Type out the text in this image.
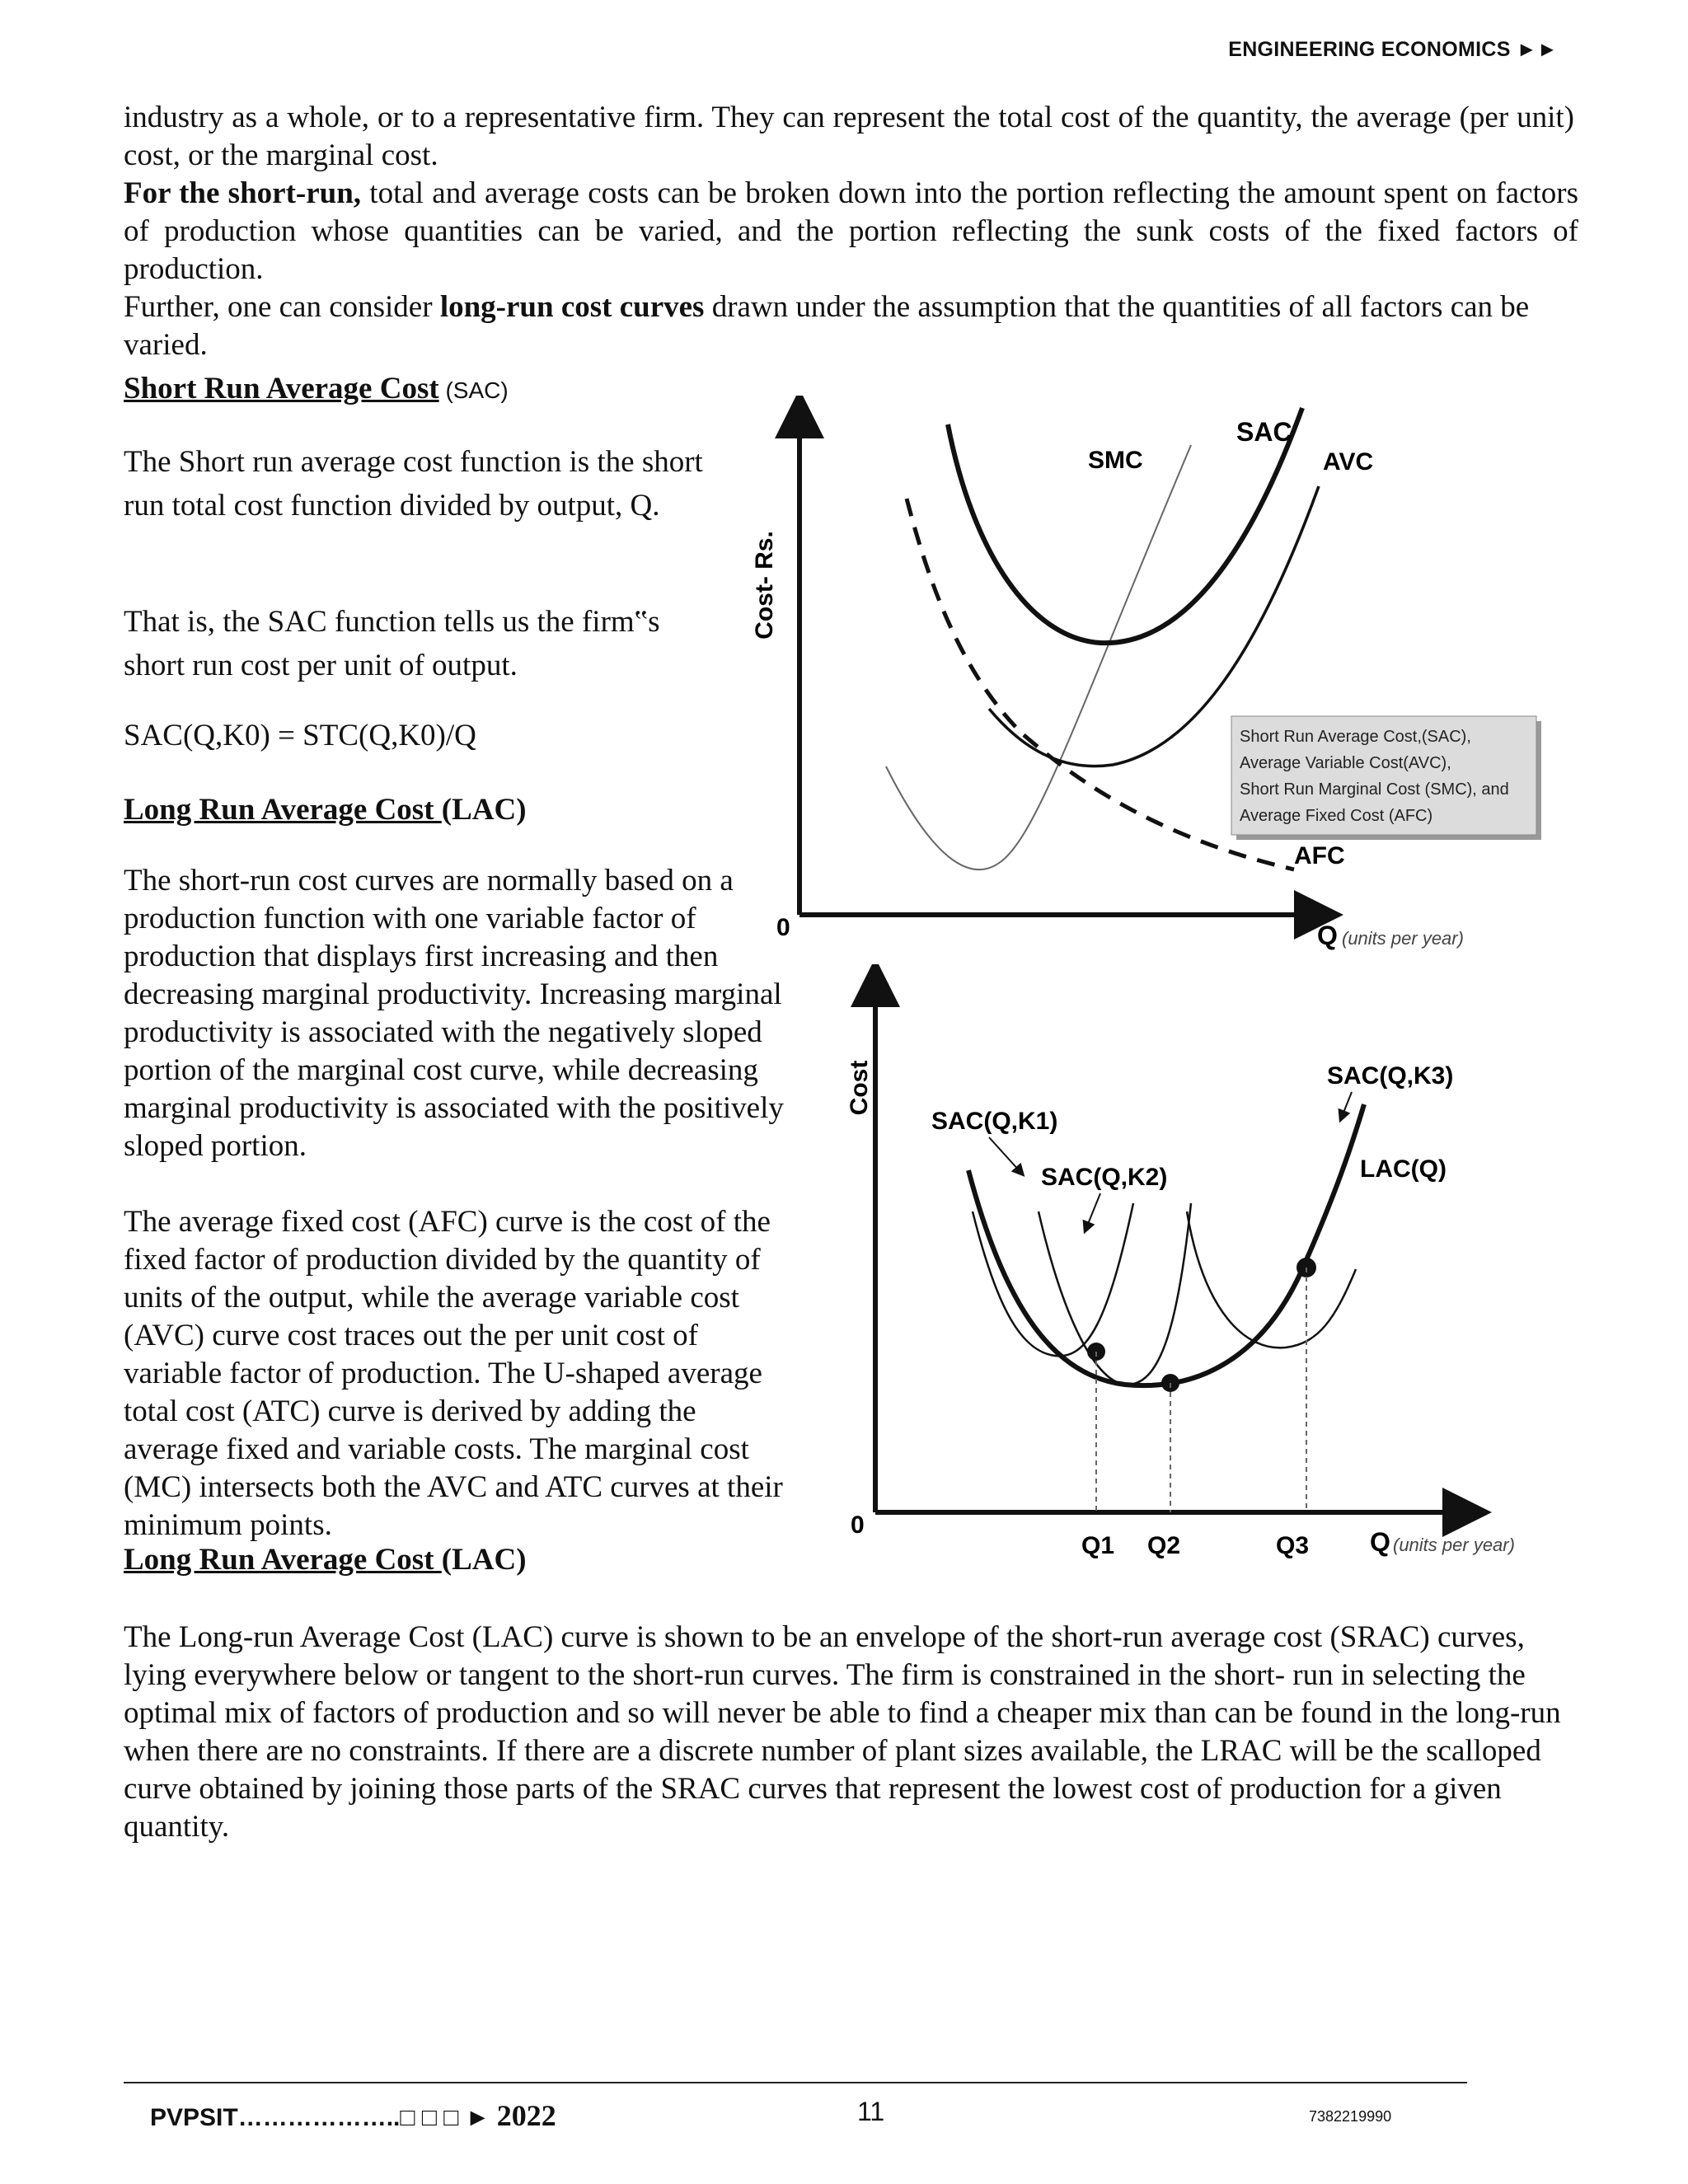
ENGINEERING ECONOMICS ►►
industry as a whole, or to a representative firm. They can represent the total cost of the quantity, the average (per unit) cost, or the marginal cost.
For the short-run, total and average costs can be broken down into the portion reflecting the amount spent on factors of production whose quantities can be varied, and the portion reflecting the sunk costs of the fixed factors of production.
Further, one can consider long-run cost curves drawn under the assumption that the quantities of all factors can be varied.
Short Run Average Cost (SAC)
The Short run average cost function is the short run total cost function divided by output, Q.
That is, the SAC function tells us the firm‟s short run cost per unit of output.
SAC(Q,K0) = STC(Q,K0)/Q
Long Run Average Cost (LAC)
The short-run cost curves are normally based on a production function with one variable factor of production that displays first increasing and then decreasing marginal productivity. Increasing marginal productivity is associated with the negatively sloped portion of the marginal cost curve, while decreasing marginal productivity is associated with the positively sloped portion.
The average fixed cost (AFC) curve is the cost of the fixed factor of production divided by the quantity of units of the output, while the average variable cost (AVC) curve cost traces out the per unit cost of variable factor of production. The U-shaped average total cost (ATC) curve is derived by adding the average fixed and variable costs. The marginal cost (MC) intersects both the AVC and ATC curves at their minimum points.
Long Run Average Cost (LAC)
The Long-run Average Cost (LAC) curve is shown to be an envelope of the short-run average cost (SRAC) curves, lying everywhere below or tangent to the short-run curves. The firm is constrained in the short- run in selecting the optimal mix of factors of production and so will never be able to find a cheaper mix than can be found in the long-run when there are no constraints. If there are a discrete number of plant sizes available, the LRAC will be the scalloped curve obtained by joining those parts of the SRAC curves that represent the lowest cost of production for a given quantity.
Cost- Rs.
0	Q (units per year)
SMC
SAC
AVC
AFC
Short Run Average Cost,(SAC),
Average Variable Cost(AVC),
Short Run Marginal Cost (SMC), and
Average Fixed Cost (AFC)
Cost
0
Q1 Q2	Q3 Q (units per year)
SAC(Q,K1)
SAC(Q,K2)
SAC(Q,K3)
LAC(Q)
PVPSIT………………..□ □ □ ► 2022	11	7382219990
